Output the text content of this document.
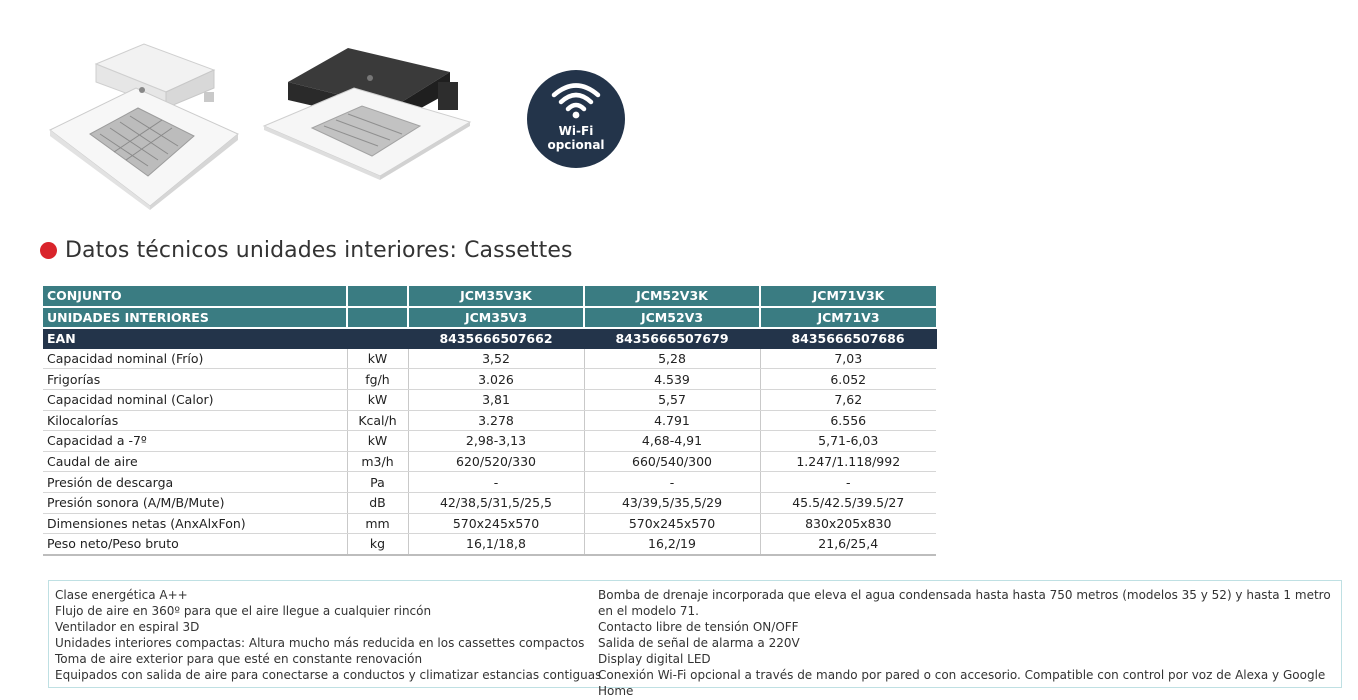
Wi-Fi
opcional
Datos técnicos unidades interiores: Cassettes
CONJUNTO		JCM35V3K	JCM52V3K	JCM71V3K
UNIDADES INTERIORES		JCM35V3	JCM52V3	JCM71V3
EAN		8435666507662	8435666507679	8435666507686
Capacidad nominal (Frío)	kW	3,52	5,28	7,03
Frigorías	fg/h	3.026	4.539	6.052
Capacidad nominal (Calor)	kW	3,81	5,57	7,62
Kilocalorías	Kcal/h	3.278	4.791	6.556
Capacidad a -7º	kW	2,98-3,13	4,68-4,91	5,71-6,03
Caudal de aire	m3/h	620/520/330	660/540/300	1.247/1.118/992
Presión de descarga	Pa	-	-	-
Presión sonora (A/M/B/Mute)	dB	42/38,5/31,5/25,5	43/39,5/35,5/29	45.5/42.5/39.5/27
Dimensiones netas (AnxAlxFon)	mm	570x245x570	570x245x570	830x205x830
Peso neto/Peso bruto	kg	16,1/18,8	16,2/19	21,6/25,4
Clase energética A++
Flujo de aire en 360º para que el aire llegue a cualquier rincón
Ventilador en espiral 3D
Unidades interiores compactas: Altura mucho más reducida en los cassettes compactos
Toma de aire exterior para que esté en constante renovación
Equipados con salida de aire para conectarse a conductos y climatizar estancias contiguas
Bomba de drenaje incorporada que eleva el agua condensada hasta hasta 750 metros (modelos 35 y 52) y hasta 1 metro en el modelo 71.
Contacto libre de tensión ON/OFF
Salida de señal de alarma a 220V
Display digital LED
Conexión Wi-Fi opcional a través de mando por pared o con accesorio. Compatible con control por voz de Alexa y Google Home
